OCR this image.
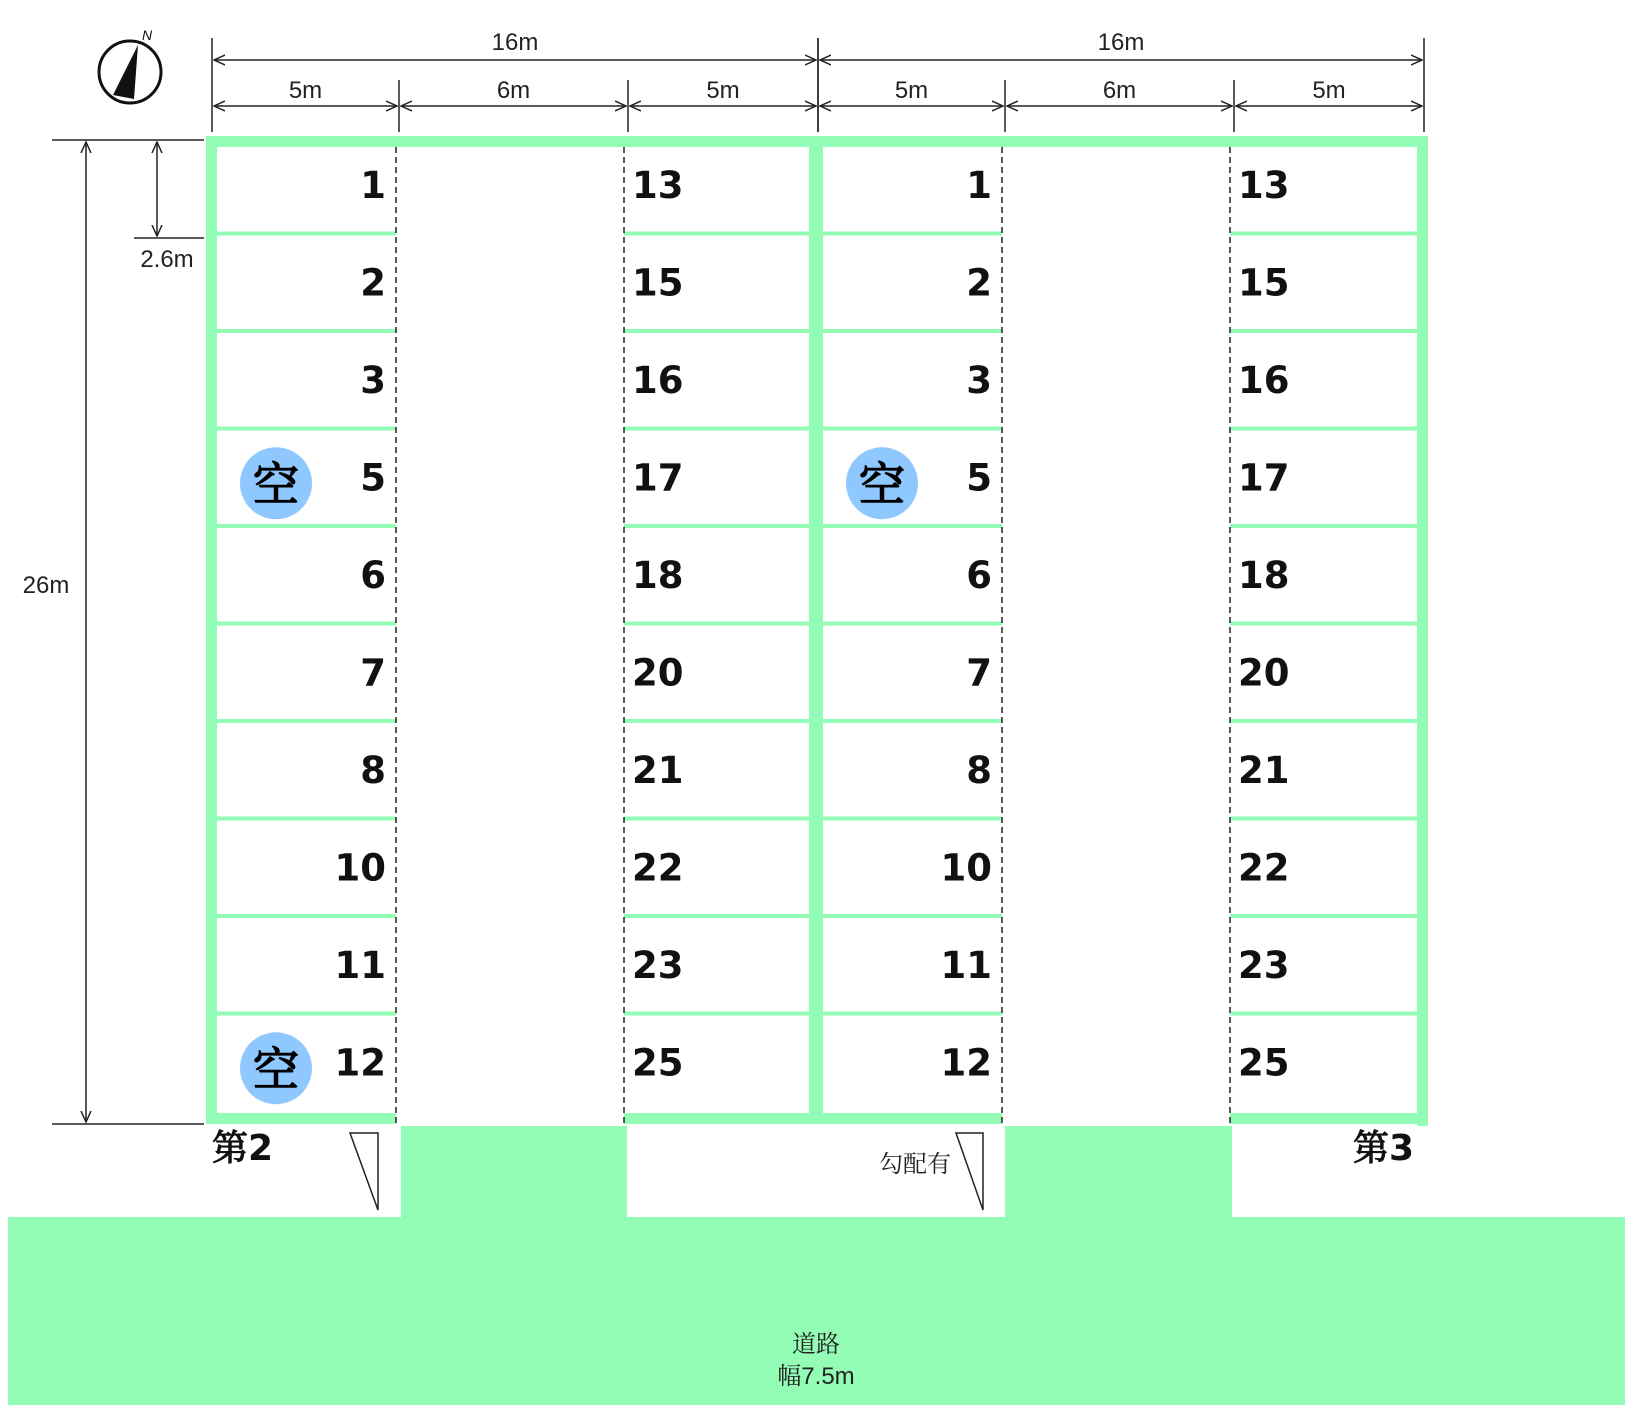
道路
幅7.5m
1	13
2	15
3	16
5	17
6	18
7	20
8	21
10	22
11	23
12	25
空
空
1	13
2	15
3	16
5	17
6	18
7	20
8	21
10	22
11	23
12	25
空
第2	第3
勾配有
N
26m
2.6m
16m
5m	6m	5m
16m
5m	6m	5m
